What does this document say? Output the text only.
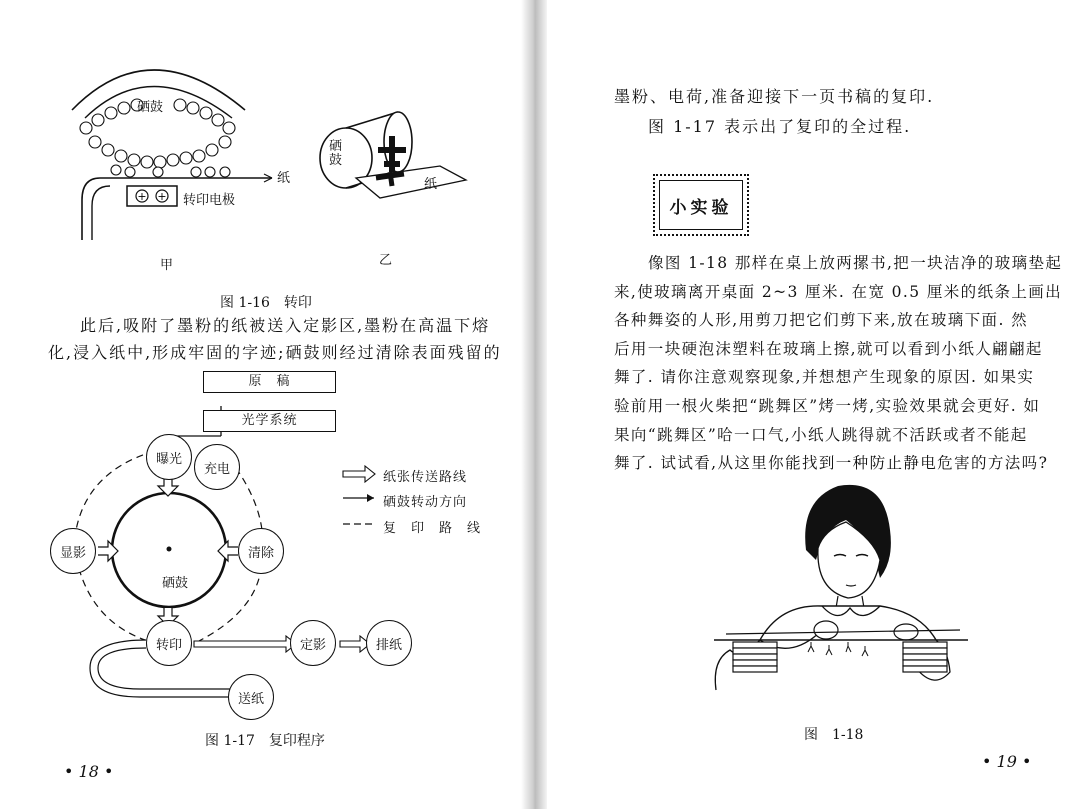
+ +
硒鼓
纸
转印电极
甲
硒鼓
纸
乙
图 1-16　转印

此后,吸附了墨粉的纸被送入定影区,墨粉在高温下熔
化,浸入纸中,形成牢固的字迹;硒鼓则经过清除表面残留的

原　稿
光学系统
曝光
充电
显影	清除
硒鼓
转印	定影	排纸
送纸
纸张传送路线
硒鼓转动方向
复　印　路　线
图 1-17　复印程序
• 18 •

墨粉、电荷,准备迎接下一页书稿的复印.
图 1-17 表示出了复印的全过程.

小实验

像图 1-18 那样在桌上放两摞书,把一块洁净的玻璃垫起
来,使玻璃离开桌面 2~3 厘米. 在宽 0.5 厘米的纸条上画出
各种舞姿的人形,用剪刀把它们剪下来,放在玻璃下面. 然
后用一块硬泡沫塑料在玻璃上擦,就可以看到小纸人翩翩起
舞了. 请你注意观察现象,并想想产生现象的原因. 如果实
验前用一根火柴把“跳舞区”烤一烤,实验效果就会更好. 如
果向“跳舞区”哈一口气,小纸人跳得就不活跃或者不能起
舞了. 试试看,从这里你能找到一种防止静电危害的方法吗?

图　1-18
• 19 •
